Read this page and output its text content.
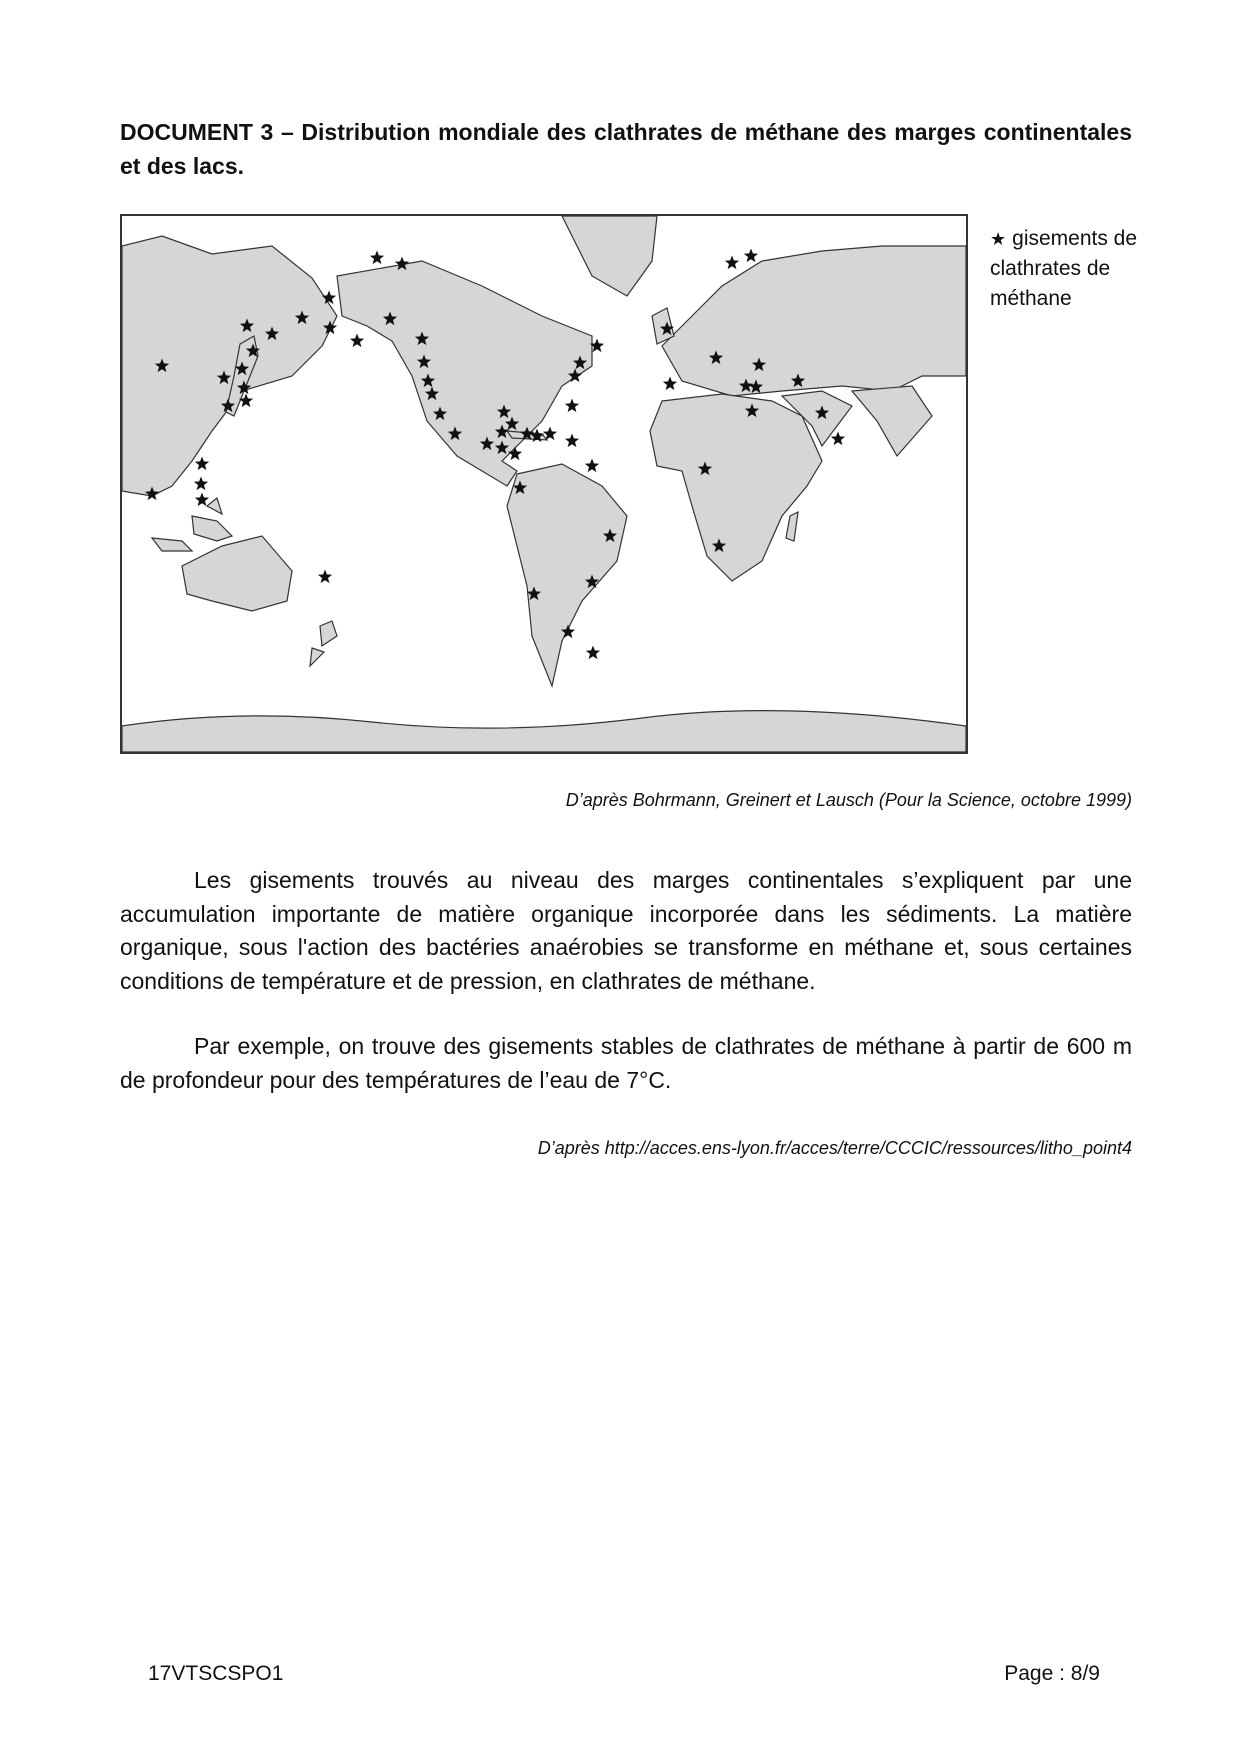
DOCUMENT 3 – Distribution mondiale des clathrates de méthane des marges continentales et des lacs.
★ gisements de clathrates de méthane
D’après Bohrmann, Greinert et Lausch (Pour la Science, octobre 1999)
Les gisements trouvés au niveau des marges continentales s’expliquent par une accumulation importante de matière organique incorporée dans les sédiments. La matière organique, sous l'action des bactéries anaérobies se transforme en méthane et, sous certaines conditions de température et de pression, en clathrates de méthane.
Par exemple, on trouve des gisements stables de clathrates de méthane à partir de 600 m de profondeur pour des températures de l’eau de 7°C.
D’après http://acces.ens-lyon.fr/acces/terre/CCCIC/ressources/litho_point4
17VTSCSPO1	Page : 8/9
